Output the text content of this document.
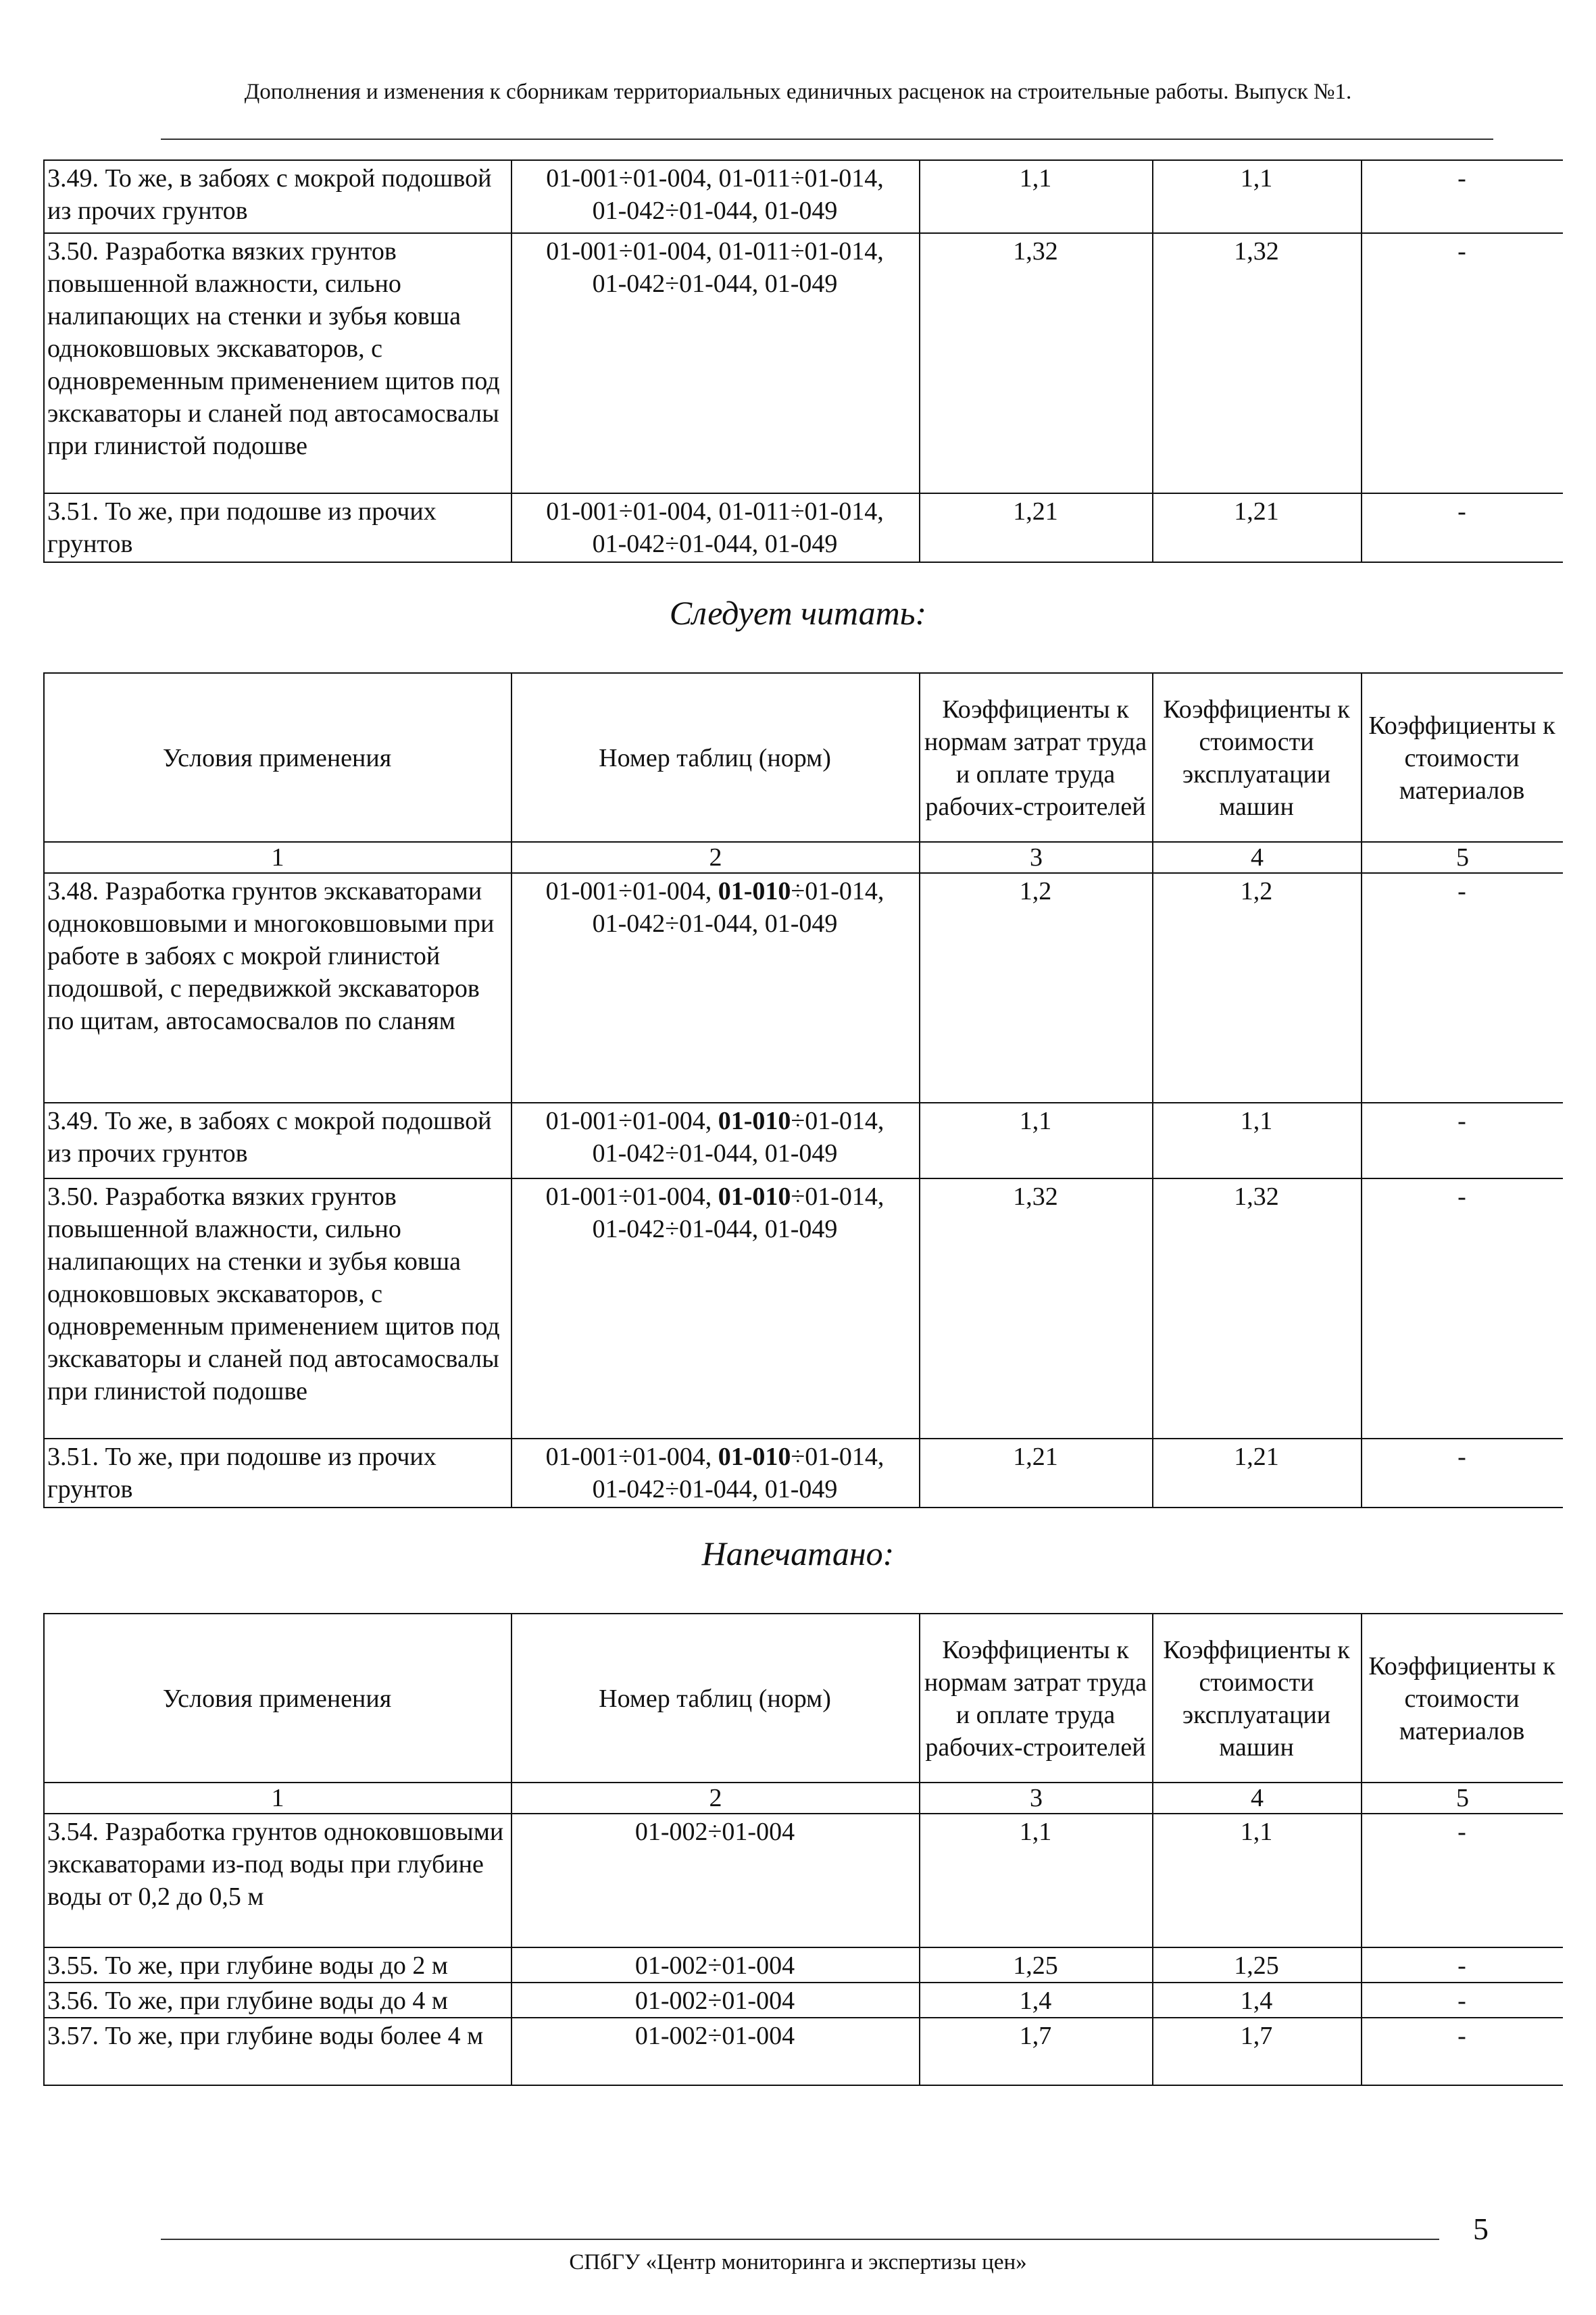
Дополнения и изменения к сборникам территориальных единичных расценок на строительные работы. Выпуск №1.
3.49. То же, в забоях с мокрой подошвой из прочих грунтов	01-001÷01-004, 01-011÷01-014,
01-042÷01-044, 01-049	1,1	1,1	-
3.50. Разработка вязких грунтов повышенной влажности, сильно налипающих на стенки и зубья ковша одноковшовых экскаваторов, с одновременным применением щитов под экскаваторы и сланей под автосамосвалы при глинистой подошве	01-001÷01-004, 01-011÷01-014,
01-042÷01-044, 01-049	1,32	1,32	-
3.51. То же, при подошве из прочих грунтов	01-001÷01-004, 01-011÷01-014,
01-042÷01-044, 01-049	1,21	1,21	-
Следует читать:
Условия применения	Номер таблиц (норм)	Коэффициенты к нормам затрат труда и оплате труда рабочих-строителей	Коэффициенты к стоимости эксплуатации машин	Коэффициенты к стоимости материалов
1	2	3	4	5
3.48. Разработка грунтов экскаваторами одноковшовыми и многоковшовыми при работе в забоях с мокрой глинистой подошвой, с передвижкой экскаваторов по щитам, автосамосвалов по сланям	01-001÷01-004, 01-010÷01-014,
01-042÷01-044, 01-049	1,2	1,2	-
3.49. То же, в забоях с мокрой подошвой из прочих грунтов	01-001÷01-004, 01-010÷01-014,
01-042÷01-044, 01-049	1,1	1,1	-
3.50. Разработка вязких грунтов повышенной влажности, сильно налипающих на стенки и зубья ковша одноковшовых экскаваторов, с одновременным применением щитов под экскаваторы и сланей под автосамосвалы при глинистой подошве	01-001÷01-004, 01-010÷01-014,
01-042÷01-044, 01-049	1,32	1,32	-
3.51. То же, при подошве из прочих грунтов	01-001÷01-004, 01-010÷01-014,
01-042÷01-044, 01-049	1,21	1,21	-
Напечатано:
Условия применения	Номер таблиц (норм)	Коэффициенты к нормам затрат труда и оплате труда рабочих-строителей	Коэффициенты к стоимости эксплуатации машин	Коэффициенты к стоимости материалов
1	2	3	4	5
3.54. Разработка грунтов одноковшовыми экскаваторами из-под воды при глубине воды от 0,2 до 0,5 м	01-002÷01-004	1,1	1,1	-
3.55. То же, при глубине воды до 2 м	01-002÷01-004	1,25	1,25	-
3.56. То же, при глубине воды до 4 м	01-002÷01-004	1,4	1,4	-
3.57. То же, при глубине воды более 4 м	01-002÷01-004	1,7	1,7	-
5
СПбГУ «Центр мониторинга и экспертизы цен»
